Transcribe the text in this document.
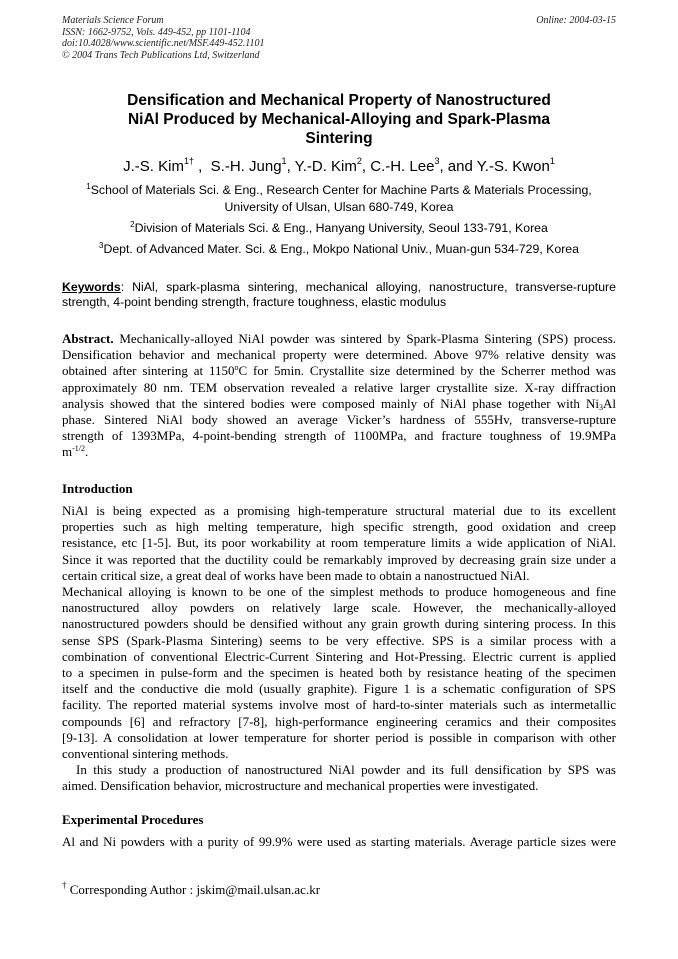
Materials Science Forum
ISSN: 1662-9752, Vols. 449-452, pp 1101-1104
doi:10.4028/www.scientific.net/MSF.449-452.1101
© 2004 Trans Tech Publications Ltd, Switzerland
Online: 2004-03-15
Densification and Mechanical Property of Nanostructured
NiAl Produced by Mechanical-Alloying and Spark-Plasma
Sintering
J.-S. Kim$^{1\dagger}$ ,  S.-H. Jung$^1$, Y.-D. Kim$^2$, C.-H. Lee$^3$, and Y.-S. Kwon$^1$
$^1$School of Materials Sci. & Eng., Research Center for Machine Parts & Materials Processing,
University of Ulsan, Ulsan 680-749, Korea
$^2$Division of Materials Sci. & Eng., Hanyang University, Seoul 133-791, Korea
$^3$Dept. of Advanced Mater. Sci. & Eng., Mokpo National Univ., Muan-gun 534-729, Korea
Keywords: NiAl, spark-plasma sintering, mechanical alloying, nanostructure, transverse-rupture
strength, 4-point bending strength, fracture toughness, elastic modulus
Abstract. Mechanically-alloyed NiAl powder was sintered by Spark-Plasma Sintering (SPS) process.
Densification behavior and mechanical property were determined. Above 97% relative density was
obtained after sintering at 1150$^o$C for 5min. Crystallite size determined by the Scherrer method was
approximately 80 nm. TEM observation revealed a relative larger crystallite size. X-ray diffraction
analysis showed that the sintered bodies were composed mainly of NiAl phase together with $Ni_3Al$
phase. Sintered NiAl body showed an average Vicker’s hardness of 555Hv, transverse-rupture
strength of 1393MPa, 4-point-bending strength of 1100MPa, and fracture toughness of 19.9MPa
$m^{-1/2}$.
Introduction
NiAl is being expected as a promising high-temperature structural material due to its excellent
properties such as high melting temperature, high specific strength, good oxidation and creep
resistance, etc [1-5]. But, its poor workability at room temperature limits a wide application of NiAl.
Since it was reported that the ductility could be remarkably improved by decreasing grain size under a
certain critical size, a great deal of works have been made to obtain a nanostructued NiAl.
Mechanical alloying is known to be one of the simplest methods to produce homogeneous and fine
nanostructured alloy powders on relatively large scale. However, the mechanically-alloyed
nanostructured powders should be densified without any grain growth during sintering process. In this
sense SPS (Spark-Plasma Sintering) seems to be very effective. SPS is a similar process with a
combination of conventional Electric-Current Sintering and Hot-Pressing. Electric current is applied
to a specimen in pulse-form and the specimen is heated both by resistance heating of the specimen
itself and the conductive die mold (usually graphite). Figure 1 is a schematic configuration of SPS
facility. The reported material systems involve most of hard-to-sinter materials such as intermetallic
compounds [6] and refractory [7-8], high-performance engineering ceramics and their composites
[9-13]. A consolidation at lower temperature for shorter period is possible in comparison with other
conventional sintering methods.
In this study a production of nanostructured NiAl powder and its full densification by SPS was
aimed. Densification behavior, microstructure and mechanical properties were investigated.
Experimental Procedures
Al and Ni powders with a purity of 99.9% were used as starting materials. Average particle sizes were
† Corresponding Author : jskim@mail.ulsan.ac.kr
